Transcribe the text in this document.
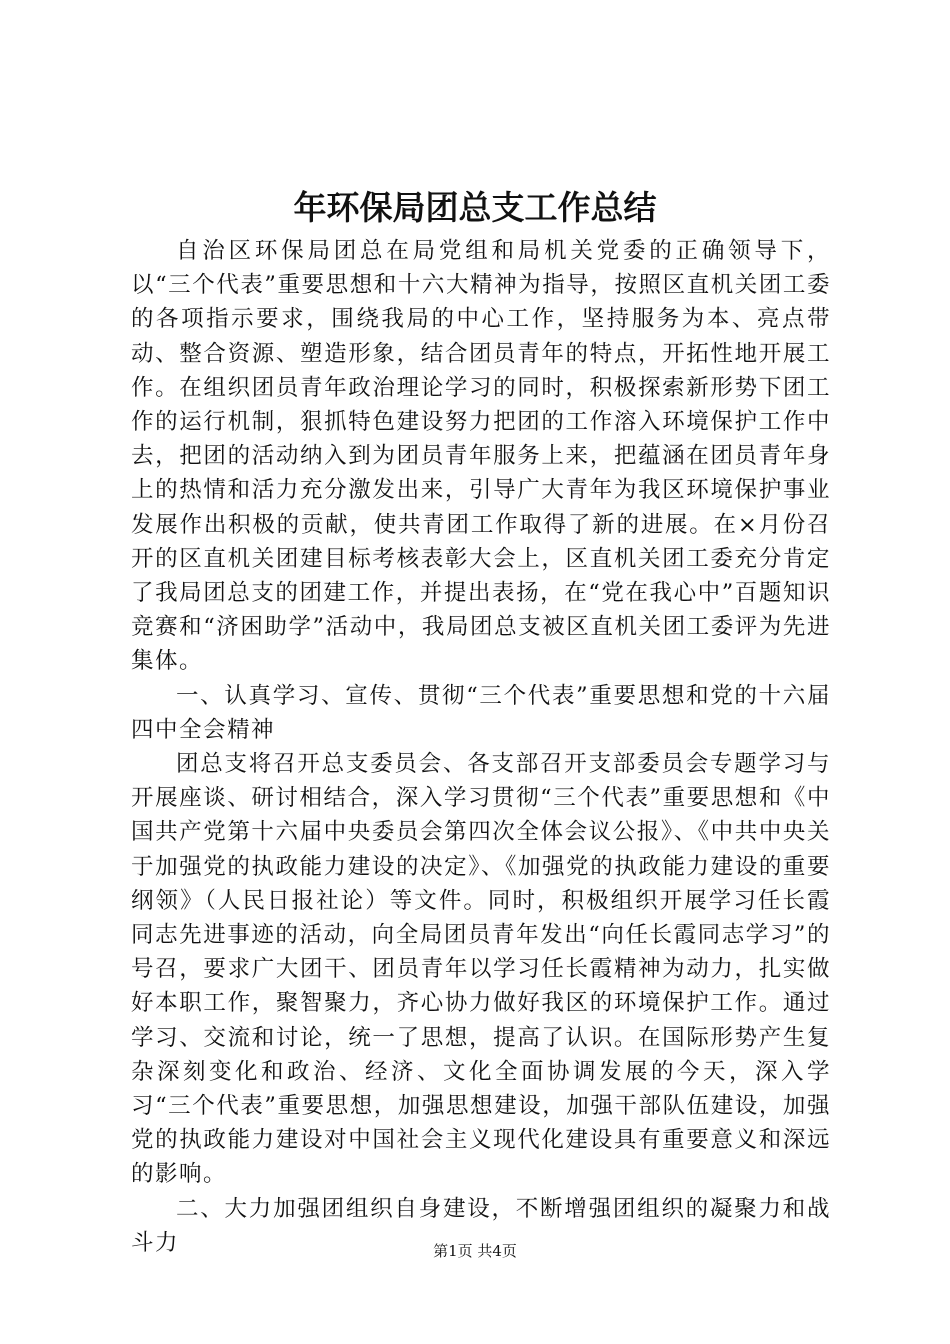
年环保局团总支工作总结

自治区环保局团总在局党组和局机关党委的正确领导下，以“三个代表”重要思想和十六大精神为指导，按照区直机关团工委的各项指示要求，围绕我局的中心工作，坚持服务为本、亮点带动、整合资源、塑造形象，结合团员青年的特点，开拓性地开展工作。在组织团员青年政治理论学习的同时，积极探索新形势下团工作的运行机制，狠抓特色建设努力把团的工作溶入环境保护工作中去，把团的活动纳入到为团员青年服务上来，把蕴涵在团员青年身上的热情和活力充分激发出来，引导广大青年为我区环境保护事业发展作出积极的贡献，使共青团工作取得了新的进展。在×月份召开的区直机关团建目标考核表彰大会上，区直机关团工委充分肯定了我局团总支的团建工作，并提出表扬，在“党在我心中”百题知识竞赛和“济困助学”活动中，我局团总支被区直机关团工委评为先进集体。

一、认真学习、宣传、贯彻“三个代表”重要思想和党的十六届四中全会精神

团总支将召开总支委员会、各支部召开支部委员会专题学习与开展座谈、研讨相结合，深入学习贯彻“三个代表”重要思想和《中国共产党第十六届中央委员会第四次全体会议公报》、《中共中央关于加强党的执政能力建设的决定》、《加强党的执政能力建设的重要纲领》（人民日报社论）等文件。同时，积极组织开展学习任长霞同志先进事迹的活动，向全局团员青年发出“向任长霞同志学习”的号召，要求广大团干、团员青年以学习任长霞精神为动力，扎实做好本职工作，聚智聚力，齐心协力做好我区的环境保护工作。通过学习、交流和讨论，统一了思想，提高了认识。在国际形势产生复杂深刻变化和政治、经济、文化全面协调发展的今天，深入学习“三个代表”重要思想，加强思想建设，加强干部队伍建设，加强党的执政能力建设对中国社会主义现代化建设具有重要意义和深远的影响。

二、大力加强团组织自身建设，不断增强团组织的凝聚力和战斗力	第1页 共4页
